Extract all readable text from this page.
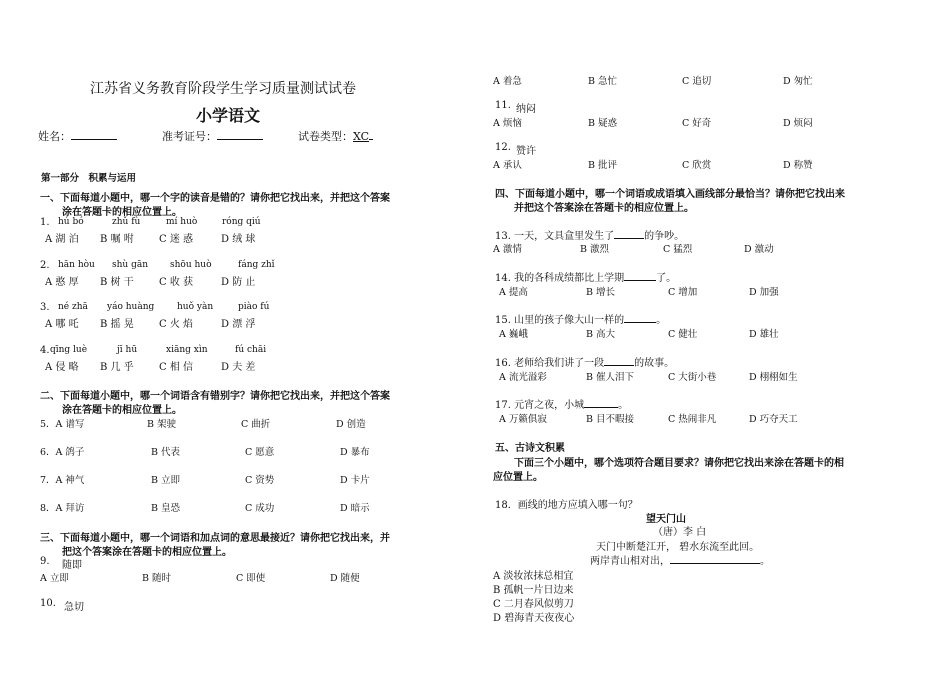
江苏省义务教育阶段学生学习质量测试试卷
小学语文
姓名：	准考证号：	试卷类型：XC
第一部分　积累与运用
一、下面每道小题中，哪一个字的读音是错的？请你把它找出来，并把这个答案
涂在答题卡的相应位置上。
1. hú bó	zhǔ fù	mí huò	róng qiú
A 湖 泊 B 嘱 咐	C 迷 惑	D 绒 球
2. hān hòu shù gān shōu huò	fáng zhǐ
A 憨 厚 B 树 干	C 收 获	D 防 止
3. né zhā yáo huàng	huǒ yàn	piào fú
A 哪 吒 B 摇 晃	C 火 焰	D 漂 浮
4. qīng luè	jī hū	xiāng xìn	fú chāi
A 侵 略 B 几 乎	C 相 信	D 夫 差
二、下面每道小题中，哪一个词语含有错别字？请你把它找出来，并把这个答案
涂在答题卡的相应位置上。
5．A 谱写	B 架驶	C 曲折	D 创造
6．A 鸽子	B 代表	C 愿意	D 暴布
7．A 神气	B 立即	C 资势	D 卡片
8．A 拜访	B 皇恐	C 成功	D 暗示
三、下面每道小题中，哪一个词语和加点词的意思最接近？请你把它找出来，并
把这个答案涂在答题卡的相应位置上。
9. 随即
A 立即	B 随时	C 即使	D 随便
10. 急切
A 着急	B 急忙	C 追切	D 匆忙
11. 纳闷
A 烦恼	B 疑惑	C 好奇	D 烦闷
12. 赞许
A 承认	B 批评	C 欣赏	D 称赞
四、下面每道小题中，哪一个词语或成语填入画线部分最恰当？请你把它找出来
并把这个答案涂在答题卡的相应位置上。
13. 一天，文具盒里发生了	的争吵。
A 激情	B 激烈	C 猛烈	D 激动
14. 我的各科成绩都比上学期	了。
A 提高	B 增长	C 增加	D 加强
15. 山里的孩子像大山一样的	。
A 巍峨	B 高大	C 健壮	D 雄壮
16. 老师给我们讲了一段	的故事。
A 流光溢彩	B 催人泪下	C 大街小巷	D 栩栩如生
17. 元宵之夜，小城	。
A 万籁俱寂	B 目不暇接	C 热闹非凡	D 巧夺天工
五、古诗文积累
下面三个小题中，哪个选项符合题目要求？请你把它找出来涂在答题卡的相
应位置上。
18．画线的地方应填入哪一句？
望天门山
（唐）李 白
天门中断楚江开， 碧水东流至此回。
两岸青山相对出，	。
A 淡妆浓抹总相宜
B 孤帆一片日边来
C 二月春风似剪刀
D 碧海青天夜夜心
